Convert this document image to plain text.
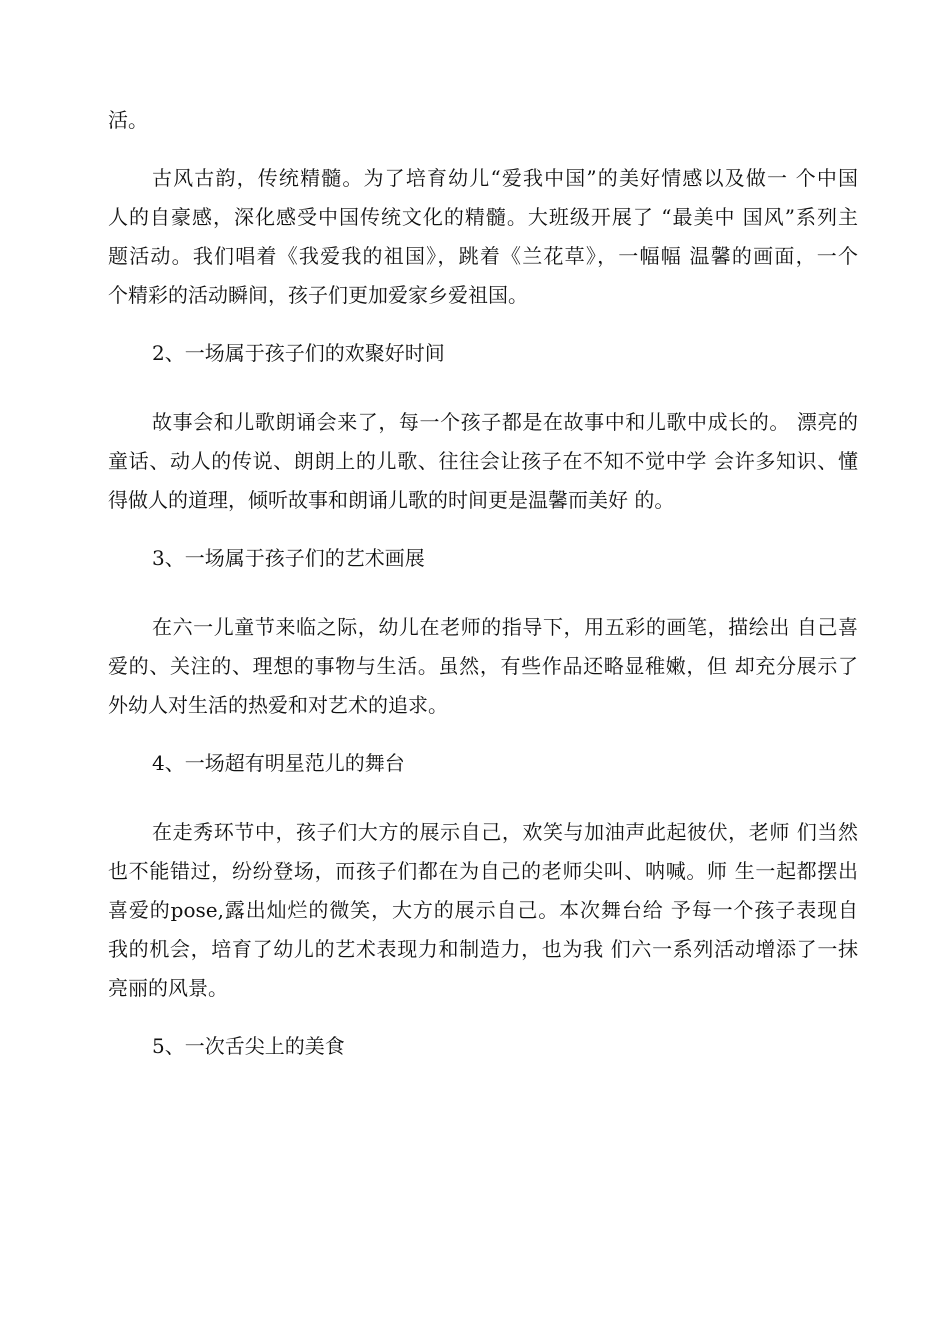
活。
古风古韵，传统精髓。为了培育幼儿“爱我中国”的美好情感以及做一 个中国
人的自豪感，深化感受中国传统文化的精髓。大班级开展了 “最美中 国风”系列主
题活动。我们唱着《我爱我的祖国》，跳着《兰花草》，一幅幅 温馨的画面，一个
个精彩的活动瞬间，孩子们更加爱家乡爱祖国。
2、一场属于孩子们的欢聚好时间
故事会和儿歌朗诵会来了，每一个孩子都是在故事中和儿歌中成长的。 漂亮的
童话、动人的传说、朗朗上的儿歌、往往会让孩子在不知不觉中学 会许多知识、懂
得做人的道理，倾听故事和朗诵儿歌的时间更是温馨而美好 的。
3、一场属于孩子们的艺术画展
在六一儿童节来临之际，幼儿在老师的指导下，用五彩的画笔，描绘出 自己喜
爱的、关注的、理想的事物与生活。虽然，有些作品还略显稚嫩，但 却充分展示了
外幼人对生活的热爱和对艺术的追求。
4、一场超有明星范儿的舞台
在走秀环节中，孩子们大方的展示自己，欢笑与加油声此起彼伏，老师 们当然
也不能错过，纷纷登场，而孩子们都在为自己的老师尖叫、呐喊。师 生一起都摆出
喜爱的pose,露出灿烂的微笑，大方的展示自己。本次舞台给 予每一个孩子表现自
我的机会，培育了幼儿的艺术表现力和制造力，也为我 们六一系列活动增添了一抹
亮丽的风景。
5、一次舌尖上的美食
